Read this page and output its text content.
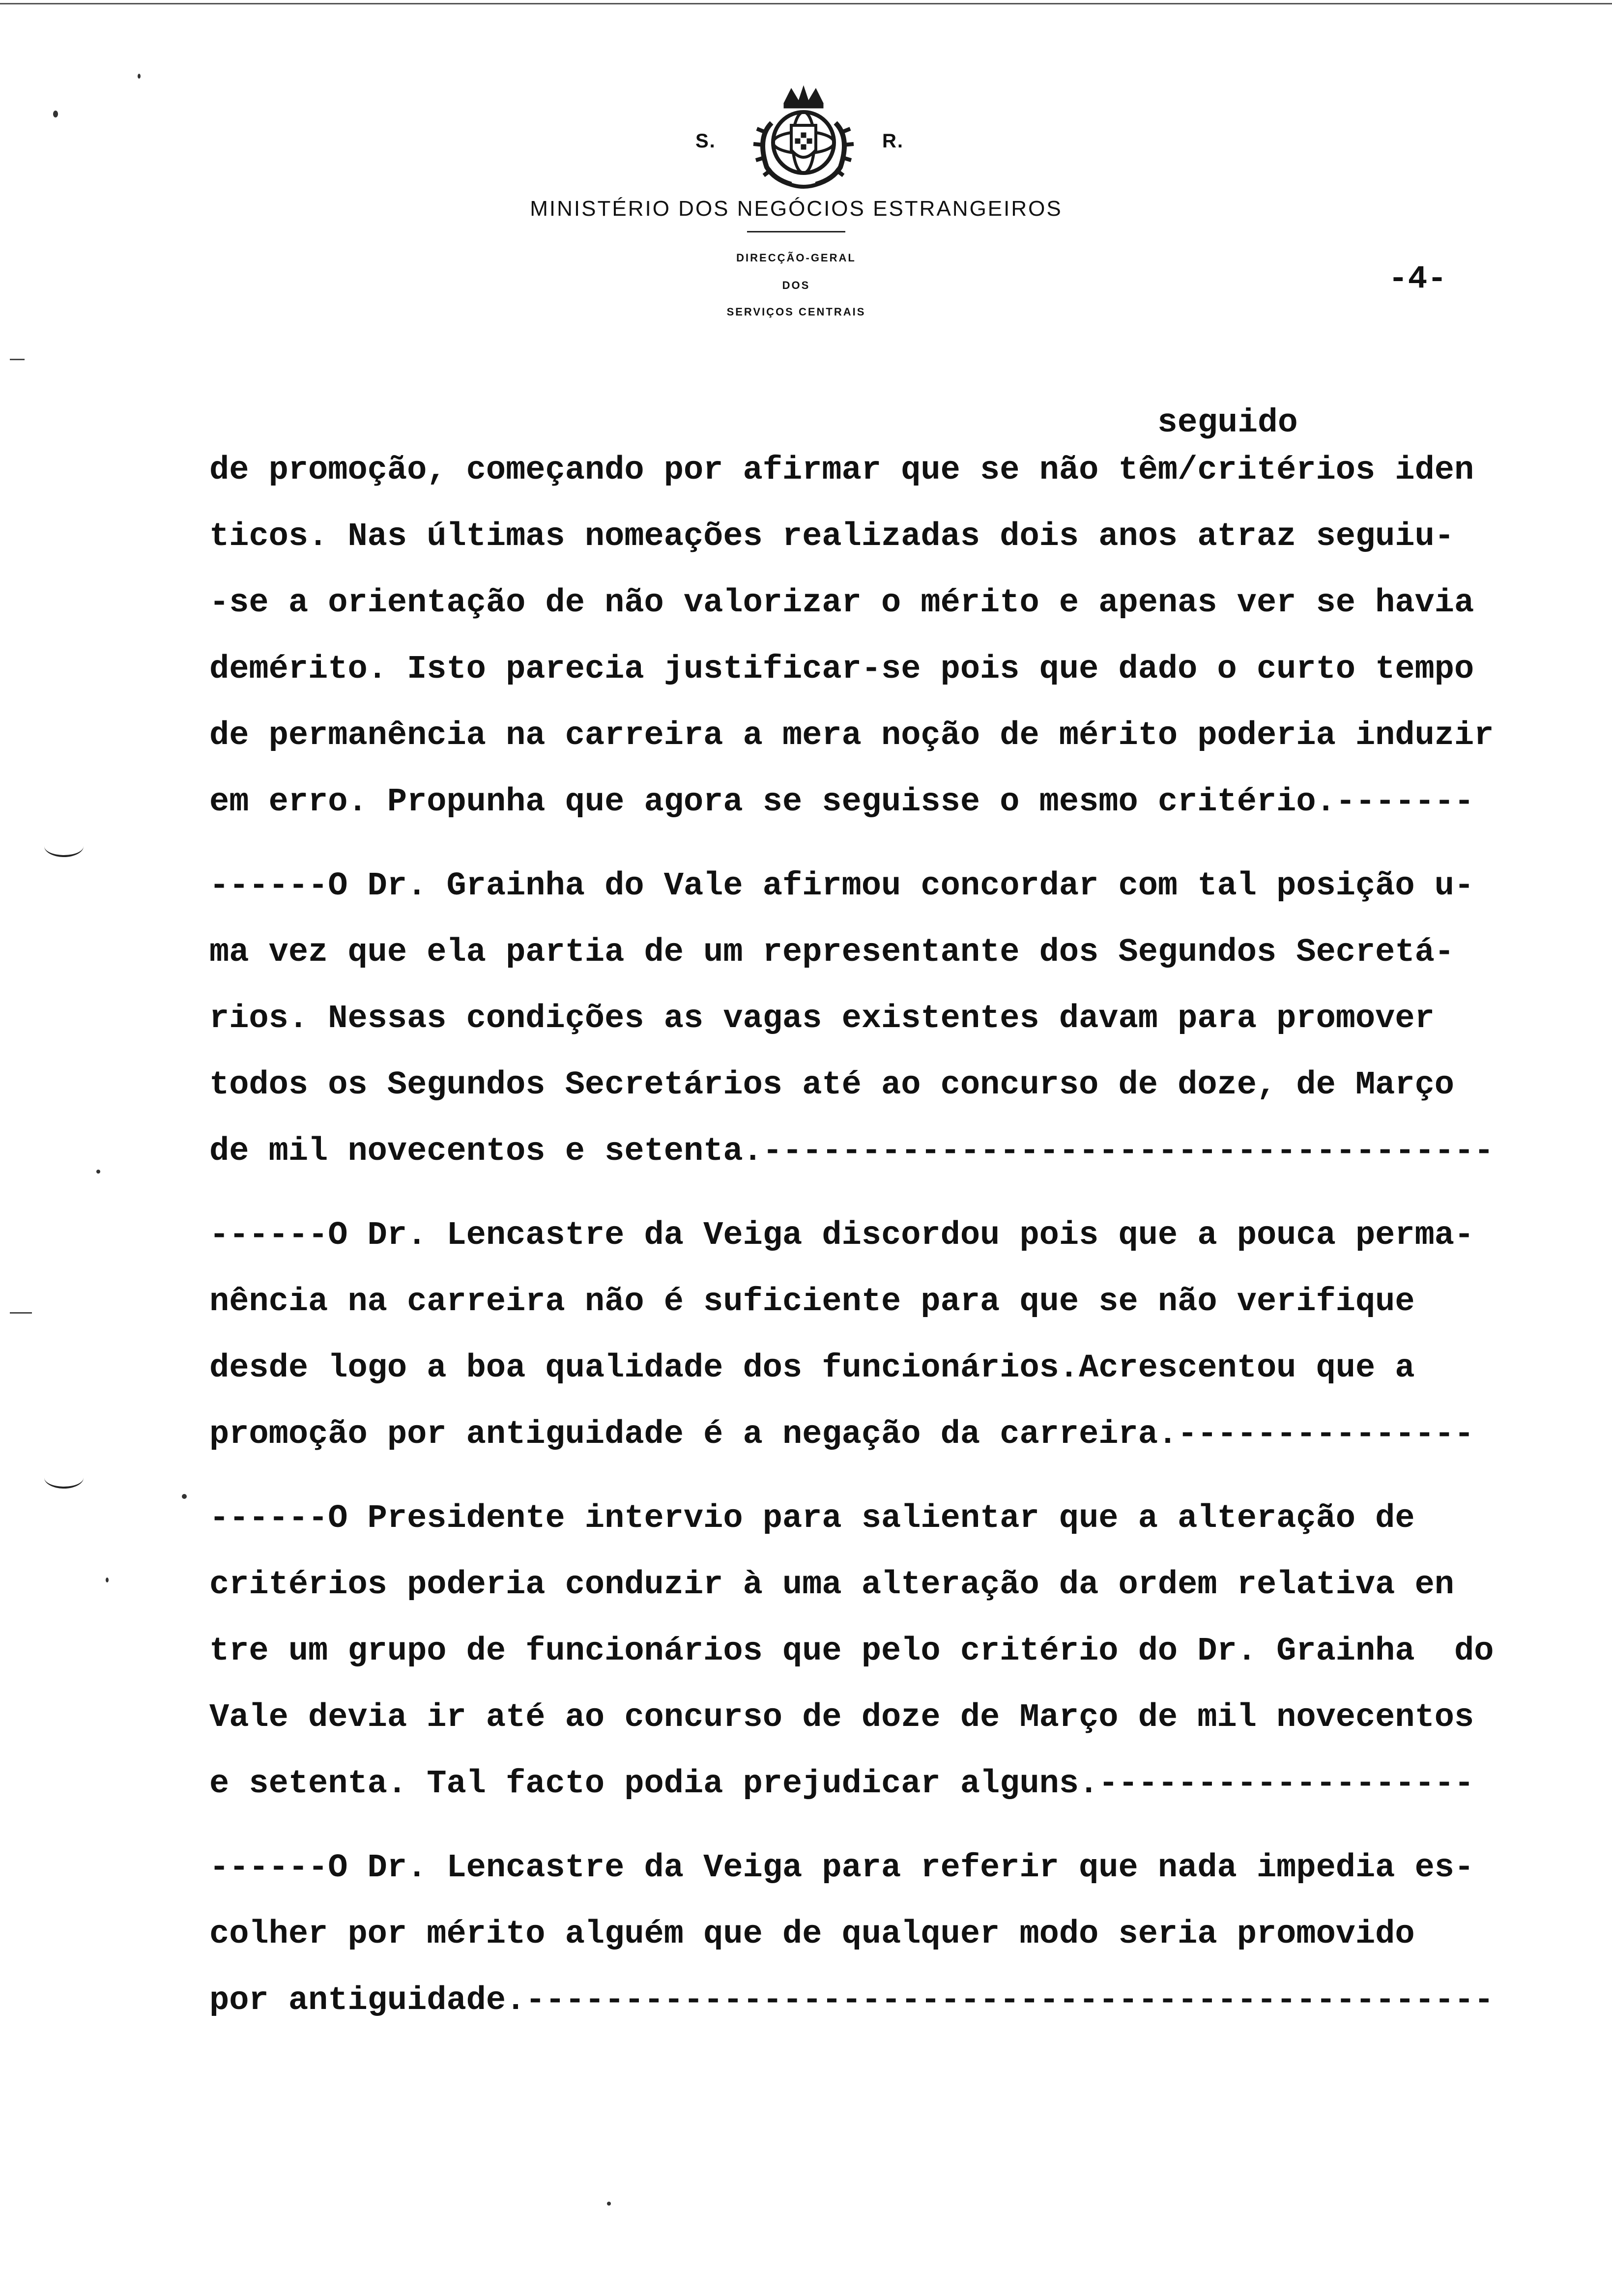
S.	R.
MINISTÉRIO DOS NEGÓCIOS ESTRANGEIROS
DIRECÇÃO-GERAL
DOS
SERVIÇOS CENTRAIS
-4-
seguido
de promoção, começando por afirmar que se não têm/critérios iden
ticos. Nas últimas nomeações realizadas dois anos atraz seguiu-
-se a orientação de não valorizar o mérito e apenas ver se havia
demérito. Isto parecia justificar-se pois que dado o curto tempo
de permanência na carreira a mera noção de mérito poderia induzir
em erro. Propunha que agora se seguisse o mesmo critério.-------
------O Dr. Grainha do Vale afirmou concordar com tal posição u-
ma vez que ela partia de um representante dos Segundos Secretá-
rios. Nessas condições as vagas existentes davam para promover
todos os Segundos Secretários até ao concurso de doze, de Março
de mil novecentos e setenta.-------------------------------------
------O Dr. Lencastre da Veiga discordou pois que a pouca perma-
nência na carreira não é suficiente para que se não verifique
desde logo a boa qualidade dos funcionários.Acrescentou que a
promoção por antiguidade é a negação da carreira.---------------
------O Presidente intervio para salientar que a alteração de
critérios poderia conduzir à uma alteração da ordem relativa en
tre um grupo de funcionários que pelo critério do Dr. Grainha  do
Vale devia ir até ao concurso de doze de Março de mil novecentos
e setenta. Tal facto podia prejudicar alguns.-------------------
------O Dr. Lencastre da Veiga para referir que nada impedia es-
colher por mérito alguém que de qualquer modo seria promovido
por antiguidade.-------------------------------------------------
